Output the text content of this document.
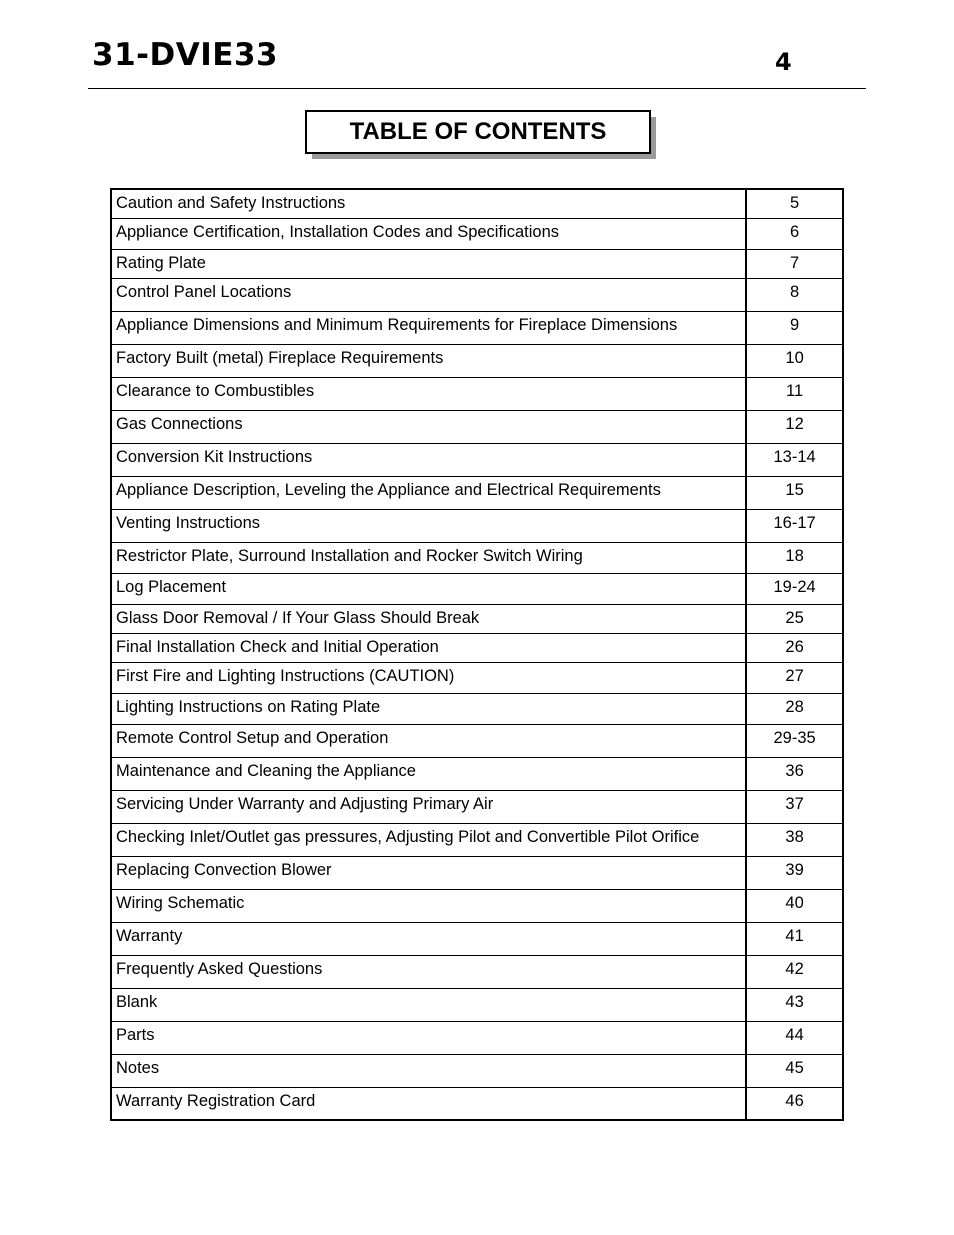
31-DVIE33	4
TABLE OF CONTENTS
Caution and Safety Instructions	5
Appliance Certification, Installation Codes and Specifications	6
Rating Plate	7
Control Panel Locations	8
Appliance Dimensions and Minimum Requirements for Fireplace Dimensions	9
Factory Built (metal) Fireplace Requirements	10
Clearance to Combustibles	11
Gas Connections	12
Conversion Kit Instructions	13-14
Appliance Description, Leveling the Appliance and Electrical Requirements	15
Venting Instructions	16-17
Restrictor Plate, Surround Installation and Rocker Switch Wiring	18
Log Placement	19-24
Glass Door Removal / If Your Glass Should Break	25
Final Installation Check and Initial Operation	26
First Fire and Lighting Instructions (CAUTION)	27
Lighting Instructions on Rating Plate	28
Remote Control Setup and Operation	29-35
Maintenance and Cleaning the Appliance	36
Servicing Under Warranty and Adjusting Primary Air	37
Checking Inlet/Outlet gas pressures, Adjusting Pilot and Convertible Pilot Orifice	38
Replacing Convection Blower	39
Wiring Schematic	40
Warranty	41
Frequently Asked Questions	42
Blank	43
Parts	44
Notes	45
Warranty Registration Card	46
